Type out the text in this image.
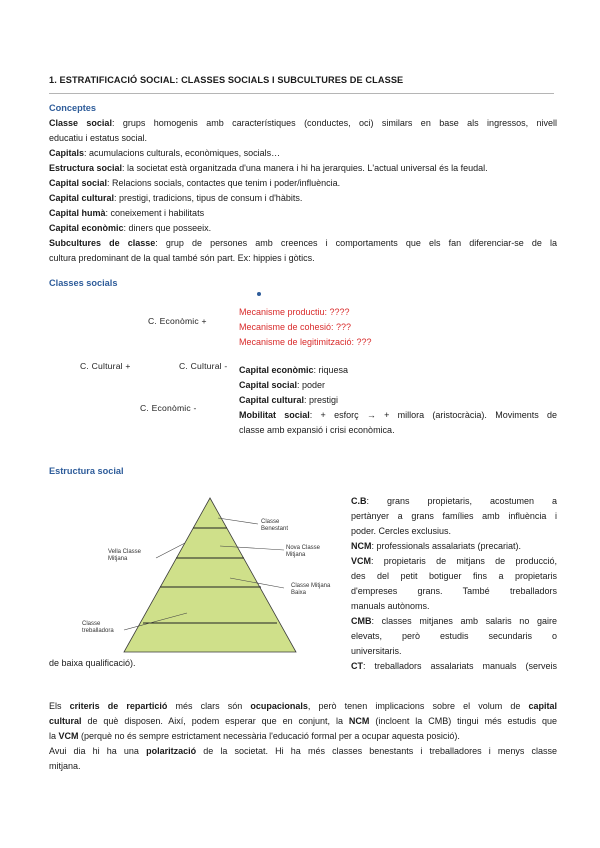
1. ESTRATIFICACIÓ SOCIAL: CLASSES SOCIALS I SUBCULTURES DE CLASSE
Conceptes
Classe social: grups homogenis amb característiques (conductes, oci) similars en base als ingressos, nivell
educatiu i estatus social.
Capitals: acumulacions culturals, econòmiques, socials…
Estructura social: la societat està organitzada d'una manera i hi ha jerarquies. L'actual universal és la feudal.
Capital social: Relacions socials, contactes que tenim i poder/influència.
Capital cultural: prestigi, tradicions, tipus de consum i d'hàbits.
Capital humà: coneixement i habilitats
Capital econòmic: diners que posseeix.
Subcultures de classe: grup de persones amb creences i comportaments que els fan diferenciar-se de la
cultura predominant de la qual també són part. Ex: hippies i gòtics.
Classes socials
C. Econòmic +
C. Cultural +	C. Cultural -
C. Econòmic -
Mecanisme productiu: ????
Mecanisme de cohesió: ???
Mecanisme de legitimització: ???
Capital econòmic: riquesa
Capital social: poder
Capital cultural: prestigi
Mobilitat social: + esforç → + millora (aristocràcia). Moviments de
classe amb expansió i crisi econòmica.
Estructura social
Classe
Benestant
Nova Classe
Mitjana
Vella Classe
Mitjana
Classe Mitjana
Baixa
Classe
treballadora
C.B: grans propietaris, acostumen a
pertànyer a grans famílies amb influència i
poder. Cercles exclusius.
NCM: professionals assalariats (precariat).
VCM: propietaris de mitjans de producció,
des del petit botiguer fins a propietaris
d'empreses grans. També treballadors
manuals autònoms.
CMB: classes mitjanes amb salaris no gaire
elevats, però estudis secundaris o
universitaris.
CT: treballadors assalariats manuals (serveis
de baixa qualificació).
Els criteris de repartició més clars són ocupacionals, però tenen implicacions sobre el volum de capital
cultural de què disposen. Així, podem esperar que en conjunt, la NCM (incloent la CMB) tingui més estudis que
la VCM (perquè no és sempre estrictament necessària l'educació formal per a ocupar aquesta posició).
Avui dia hi ha una polarització de la societat. Hi ha més classes benestants i treballadores i menys classe
mitjana.
